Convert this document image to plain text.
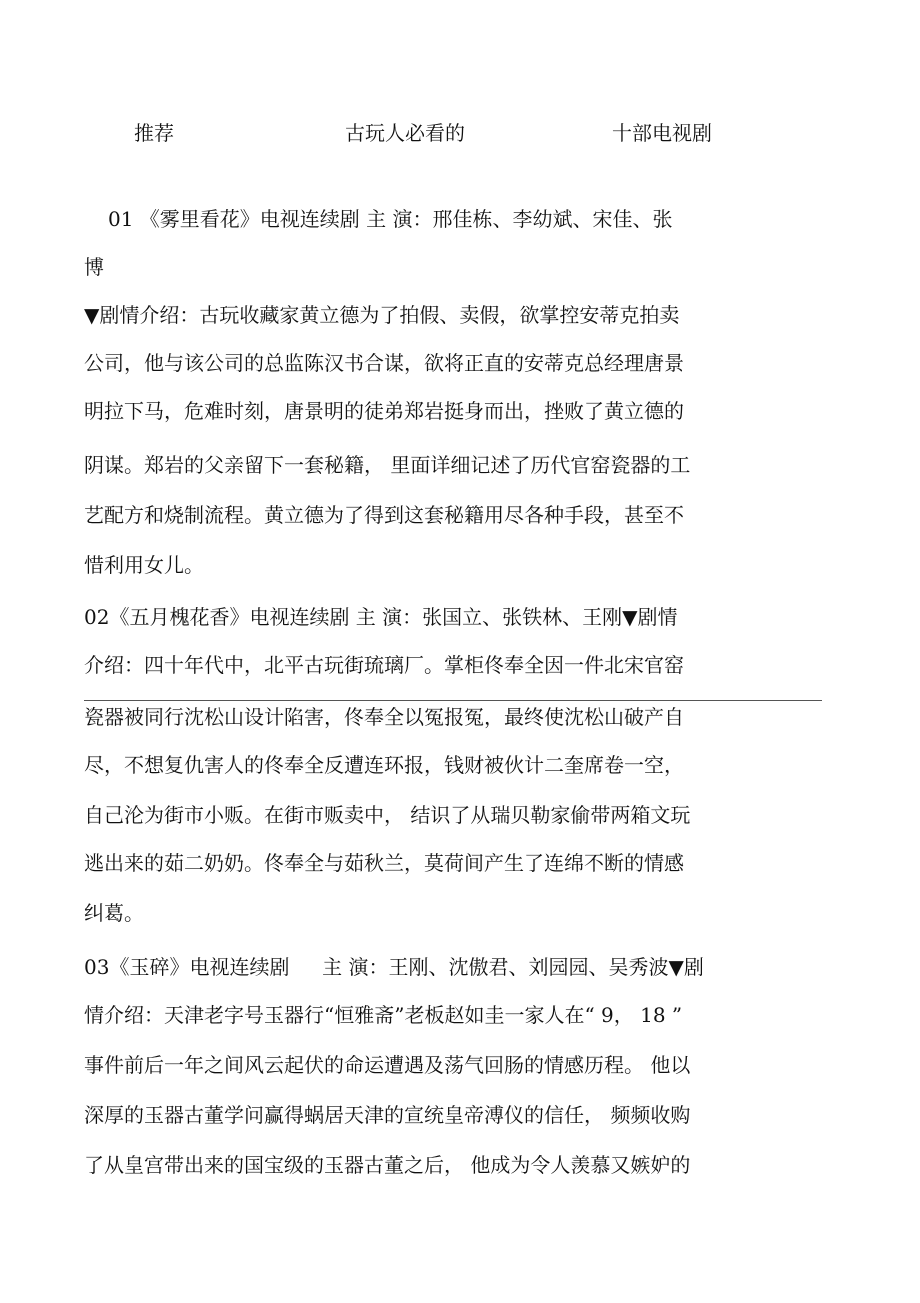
推荐	古玩人必看的	十部电视剧
01 《雾里看花》电视连续剧 主 演：邢佳栋、李幼斌、宋佳、张
博
▼剧情介绍：古玩收藏家黄立德为了拍假、卖假，欲掌控安蒂克拍卖
公司，他与该公司的总监陈汉书合谋，欲将正直的安蒂克总经理唐景
明拉下马，危难时刻，唐景明的徒弟郑岩挺身而出，挫败了黄立德的
阴谋。郑岩的父亲留下一套秘籍， 里面详细记述了历代官窑瓷器的工
艺配方和烧制流程。黄立德为了得到这套秘籍用尽各种手段，甚至不
惜利用女儿。
02《五月槐花香》电视连续剧 主 演：张国立、张铁林、王刚▼剧情
介绍：四十年代中，北平古玩街琉璃厂。掌柜佟奉全因一件北宋官窑
瓷器被同行沈松山设计陷害，佟奉全以冤报冤，最终使沈松山破产自
尽，不想复仇害人的佟奉全反遭连环报，钱财被伙计二奎席卷一空，
自己沦为街市小贩。在街市贩卖中， 结识了从瑞贝勒家偷带两箱文玩
逃出来的茹二奶奶。佟奉全与茹秋兰，莫荷间产生了连绵不断的情感
纠葛。
03《玉碎》电视连续剧 　 主 演：王刚、沈傲君、刘园园、吴秀波▼剧
情介绍：天津老字号玉器行“恒雅斋”老板赵如圭一家人在“ 9， 18 ”
事件前后一年之间风云起伏的命运遭遇及荡气回肠的情感历程。 他以
深厚的玉器古董学问赢得蜗居天津的宣统皇帝溥仪的信任， 频频收购
了从皇宫带出来的国宝级的玉器古董之后， 他成为令人羡慕又嫉妒的
